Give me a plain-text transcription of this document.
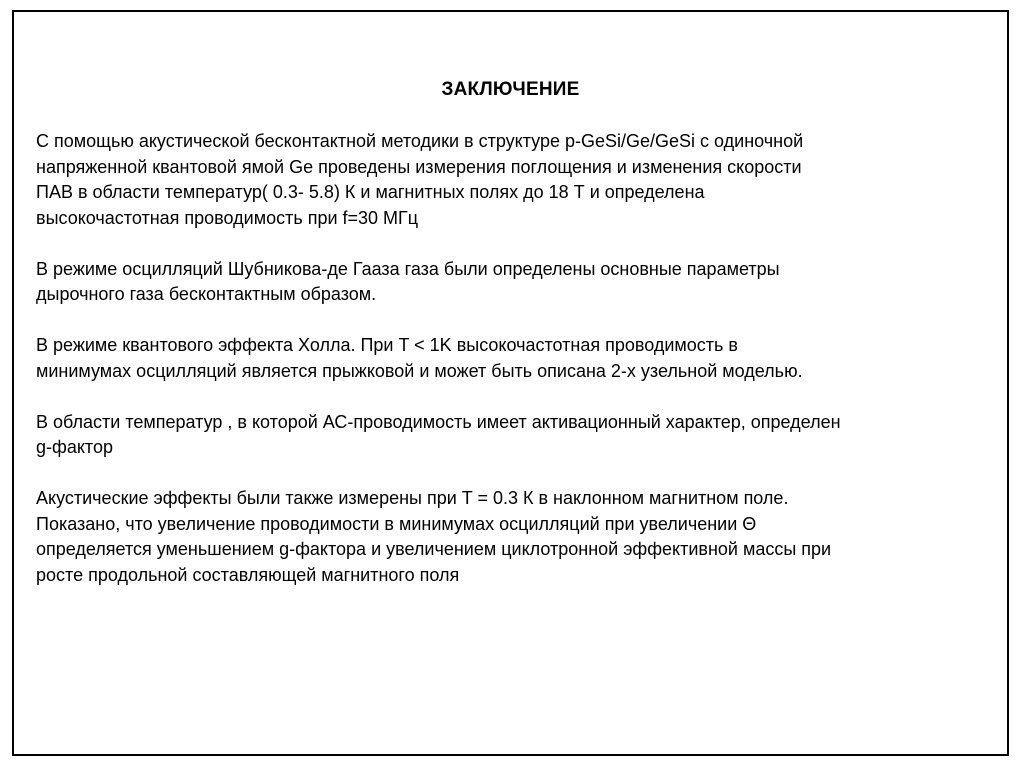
ЗАКЛЮЧЕНИЕ

С помощью акустической бесконтактной методики в структуре p-GeSi/Ge/GeSi с одиночной
напряженной квантовой ямой Ge проведены измерения поглощения и изменения скорости
ПАВ в области температур( 0.3- 5.8) К и магнитных полях до 18 Т и определена
высокочастотная проводимость при f=30 МГц

В режиме осцилляций Шубникова-де Гааза газа были определены основные параметры
дырочного газа бесконтактным образом.

В режиме квантового эффекта Холла. При T < 1K высокочастотная проводимость в
минимумах осцилляций является прыжковой и может быть описана 2-х узельной моделью.

В области температур , в которой АС-проводимость имеет активационный характер, определен
g-фактор

Акустические эффекты были также измерены при T = 0.3 К в наклонном магнитном поле.
Показано, что увеличение проводимости в минимумах осцилляций при увеличении Θ
определяется уменьшением g-фактора и увеличением циклотронной эффективной массы при
росте продольной составляющей магнитного поля
